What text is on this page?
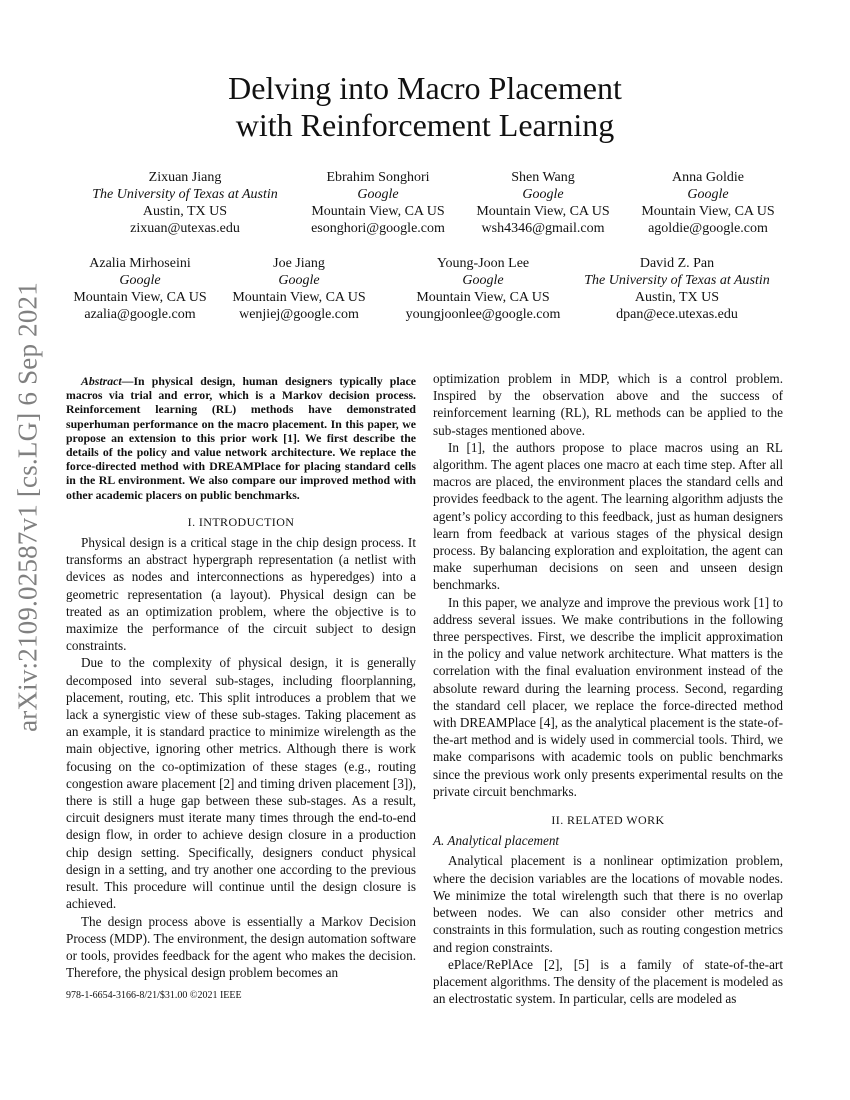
arXiv:2109.02587v1 [cs.LG] 6 Sep 2021
Delving into Macro Placement
with Reinforcement Learning
Zixuan Jiang
The University of Texas at Austin
Austin, TX US
zixuan@utexas.edu
Ebrahim Songhori
Google
Mountain View, CA US
esonghori@google.com
Shen Wang
Google
Mountain View, CA US
wsh4346@gmail.com
Anna Goldie
Google
Mountain View, CA US
agoldie@google.com
Azalia Mirhoseini
Google
Mountain View, CA US
azalia@google.com
Joe Jiang
Google
Mountain View, CA US
wenjiej@google.com
Young-Joon Lee
Google
Mountain View, CA US
youngjoonlee@google.com
David Z. Pan
The University of Texas at Austin
Austin, TX US
dpan@ece.utexas.edu

Abstract—In physical design, human designers typically place macros via trial and error, which is a Markov decision process. Reinforcement learning (RL) methods have demonstrated superhuman performance on the macro placement. In this paper, we propose an extension to this prior work [1]. We first describe the details of the policy and value network architecture. We replace the force-directed method with DREAMPlace for placing standard cells in the RL environment. We also compare our improved method with other academic placers on public benchmarks.

I. INTRODUCTION

Physical design is a critical stage in the chip design process. It transforms an abstract hypergraph representation (a netlist with devices as nodes and interconnections as hyperedges) into a geometric representation (a layout). Physical design can be treated as an optimization problem, where the objective is to maximize the performance of the circuit subject to design constraints.

Due to the complexity of physical design, it is generally decomposed into several sub-stages, including floorplanning, placement, routing, etc. This split introduces a problem that we lack a synergistic view of these sub-stages. Taking placement as an example, it is standard practice to minimize wirelength as the main objective, ignoring other metrics. Although there is work focusing on the co-optimization of these stages (e.g., routing congestion aware placement [2] and timing driven placement [3]), there is still a huge gap between these sub-stages. As a result, circuit designers must iterate many times through the end-to-end design flow, in order to achieve design closure in a production chip design setting. Specifically, designers conduct physical design in a setting, and try another one according to the previous result. This procedure will continue until the design closure is achieved.

The design process above is essentially a Markov Decision Process (MDP). The environment, the design automation software or tools, provides feedback for the agent who makes the decision. Therefore, the physical design problem becomes an

optimization problem in MDP, which is a control problem. Inspired by the observation above and the success of reinforcement learning (RL), RL methods can be applied to the sub-stages mentioned above.

In [1], the authors propose to place macros using an RL algorithm. The agent places one macro at each time step. After all macros are placed, the environment places the standard cells and provides feedback to the agent. The learning algorithm adjusts the agent’s policy according to this feedback, just as human designers learn from feedback at various stages of the physical design process. By balancing exploration and exploitation, the agent can make superhuman decisions on seen and unseen design benchmarks.

In this paper, we analyze and improve the previous work [1] to address several issues. We make contributions in the following three perspectives. First, we describe the implicit approximation in the policy and value network architecture. What matters is the correlation with the final evaluation environment instead of the absolute reward during the learning process. Second, regarding the standard cell placer, we replace the force-directed method with DREAMPlace [4], as the analytical placement is the state-of-the-art method and is widely used in commercial tools. Third, we make comparisons with academic tools on public benchmarks since the previous work only presents experimental results on the private circuit benchmarks.

II. RELATED WORK
A. Analytical placement

Analytical placement is a nonlinear optimization problem, where the decision variables are the locations of movable nodes. We minimize the total wirelength such that there is no overlap between nodes. We can also consider other metrics and constraints in this formulation, such as routing congestion metrics and region constraints.

ePlace/RePlAce [2], [5] is a family of state-of-the-art placement algorithms. The density of the placement is modeled as an electrostatic system. In particular, cells are modeled as

978-1-6654-3166-8/21/$31.00 ©2021 IEEE
